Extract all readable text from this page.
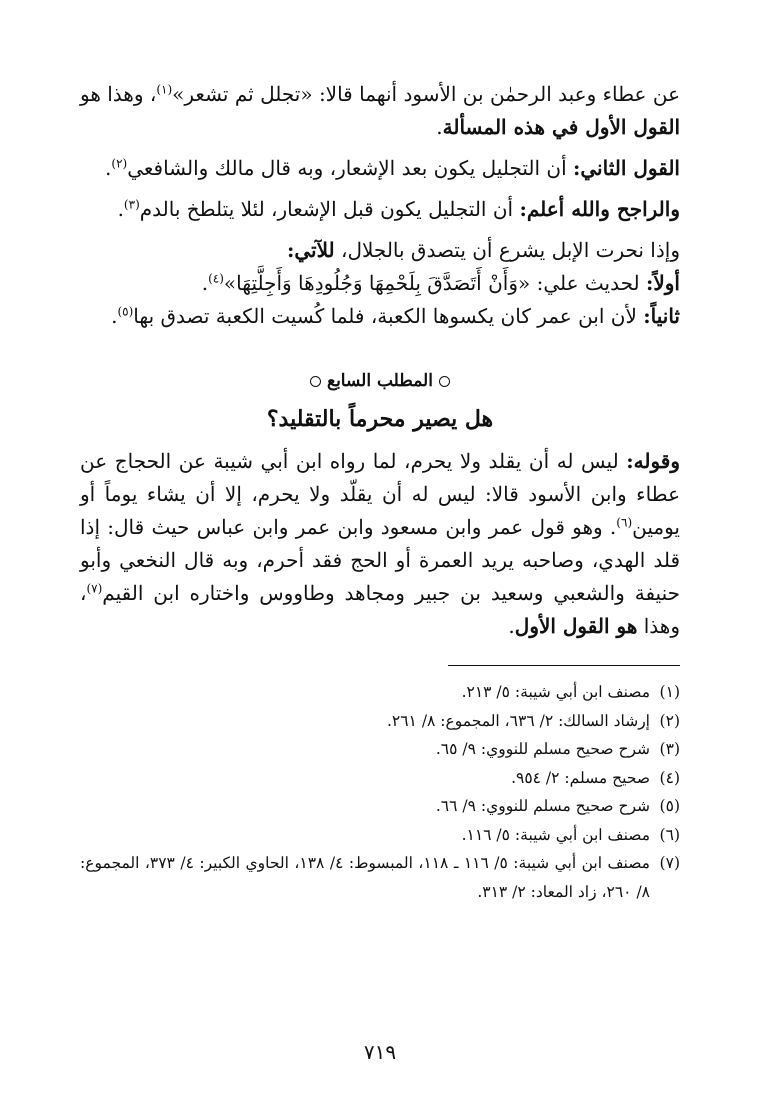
عن عطاء وعبد الرحمٰن بن الأسود أنهما قالا: «تجلل ثم تشعر»$^{(١)}$، وهذا هو القول الأول في هذه المسألة.

القول الثاني: أن التجليل يكون بعد الإشعار، وبه قال مالك والشافعي$^{(٢)}$.

والراجح والله أعلم: أن التجليل يكون قبل الإشعار، لئلا يتلطخ بالدم$^{(٣)}$.

وإذا نحرت الإبل يشرع أن يتصدق بالجلال، للآتي:

أولاً: لحديث علي: «وَأَنْ أَتَصَدَّقَ بِلَحْمِهَا وَجُلُودِهَا وَأَجِلَّتِهَا»$^{(٤)}$.

ثانياً: لأن ابن عمر كان يكسوها الكعبة، فلما كُسيت الكعبة تصدق بها$^{(٥)}$.

المطلب السابع
هل يصير محرماً بالتقليد؟

وقوله: ليس له أن يقلد ولا يحرم، لما رواه ابن أبي شيبة عن الحجاج عن عطاء وابن الأسود قالا: ليس له أن يقلّد ولا يحرم، إلا أن يشاء يوماً أو يومين$^{(٦)}$. وهو قول عمر وابن مسعود وابن عمر وابن عباس حيث قال: إذا قلد الهدي، وصاحبه يريد العمرة أو الحج فقد أحرم، وبه قال النخعي وأبو حنيفة والشعبي وسعيد بن جبير ومجاهد وطاووس واختاره ابن القيم$^{(٧)}$، وهذا هو القول الأول.

(١)
مصنف ابن أبي شيبة: ٥/ ٢١٣.
(٢)
إرشاد السالك: ٢/ ٦٣٦، المجموع: ٨/ ٢٦١.
(٣)
شرح صحيح مسلم للنووي: ٩/ ٦٥.
(٤)
صحيح مسلم: ٢/ ٩٥٤.
(٥)
شرح صحيح مسلم للنووي: ٩/ ٦٦.
(٦)
مصنف ابن أبي شيبة: ٥/ ١١٦.
(٧)
مصنف ابن أبي شيبة: ٥/ ١١٦ ـ ١١٨، المبسوط: ٤/ ١٣٨، الحاوي الكبير: ٤/ ٣٧٣، المجموع: ٨/ ٢٦٠، زاد المعاد: ٢/ ٣١٣.
٧١٩
